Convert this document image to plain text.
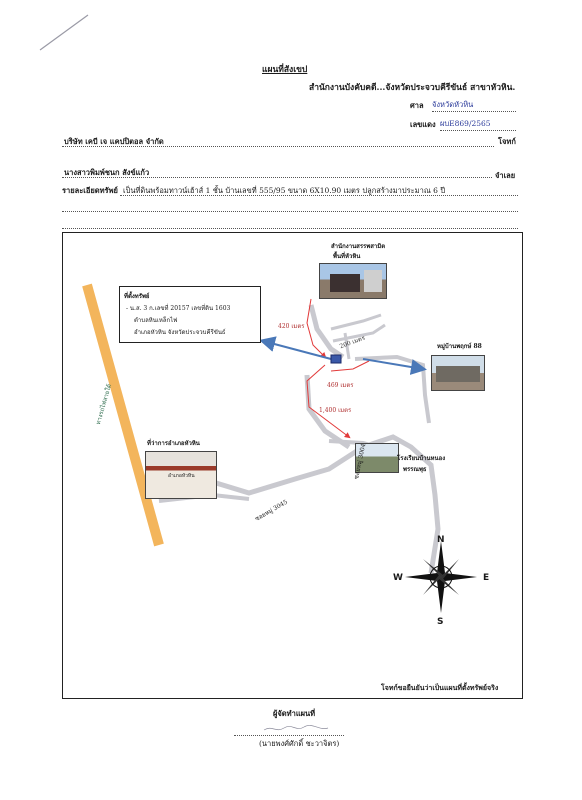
แผนที่สังเขป
สำนักงานบังคับคดี...จังหวัดประจวบคีรีขันธ์ สาขาหัวหิน.
ศาล จังหวัดหัวหิน
เลขแดง ผบE869/2565
บริษัท เคบี เจ แคปปิตอล จำกัด	โจทก์
นางสาวพิมพ์ชนก สังข์แก้ว	จำเลย
รายละเอียดทรัพย์ เป็นที่ดินพร้อมทาวน์เฮ้าส์ 1 ชั้น บ้านเลขที่ 555/95 ขนาด 6X10.90 เมตร ปลูกสร้างมาประมาณ 6 ปี
ที่ตั้งทรัพย์
- น.ส. 3 ก.เลขที่ 20157 เลขที่ดิน 1603
ตำบลหินเหล็กไฟ
อำเภอหัวหิน จังหวัดประจวบคีรีขันธ์
ทางรถไฟสายใต้
สำนักงานสรรพสามิต
พื้นที่หัวหิน
หมู่บ้านพฤกษ์ 88
โรงเรียนบ้านหนอง
พรรณพุธ
ที่ว่าการอำเภอหัวหิน
อำเภอหัวหิน
420 เมตร
200 เมตร
469 เมตร
1,400 เมตร
ซอยหมู่ 3004
ซอยหมู่ 3045
N
E
S
W
โจทก์ขอยืนยันว่าเป็นแผนที่ตั้งทรัพย์จริง
ผู้จัดทำแผนที่
(นายพงศ์ศักดิ์ ชะวาจิตร)
